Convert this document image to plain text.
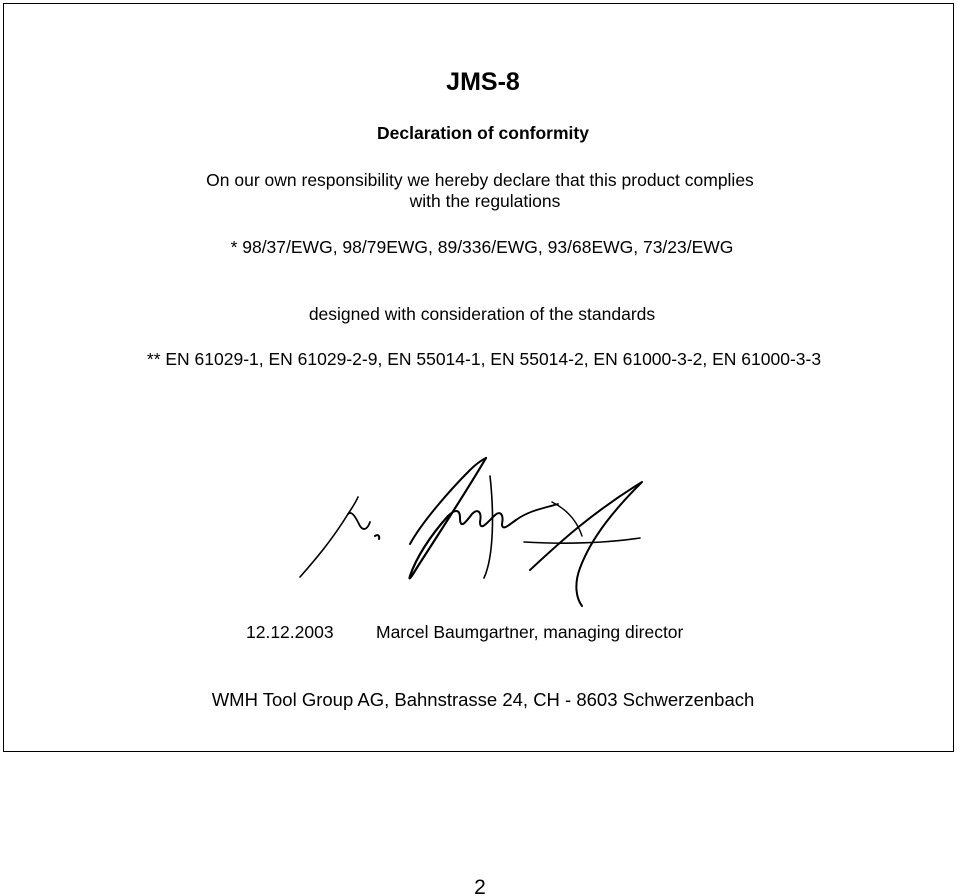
JMS-8
Declaration of conformity
On our own responsibility we hereby declare that this product complies
with the regulations
* 98/37/EWG, 98/79EWG, 89/336/EWG, 93/68EWG, 73/23/EWG
designed with consideration of the standards
** EN 61029-1, EN 61029-2-9, EN 55014-1, EN 55014-2, EN 61000-3-2, EN 61000-3-3
12.12.2003 Marcel Baumgartner, managing director
WMH Tool Group AG, Bahnstrasse 24, CH - 8603 Schwerzenbach
2
